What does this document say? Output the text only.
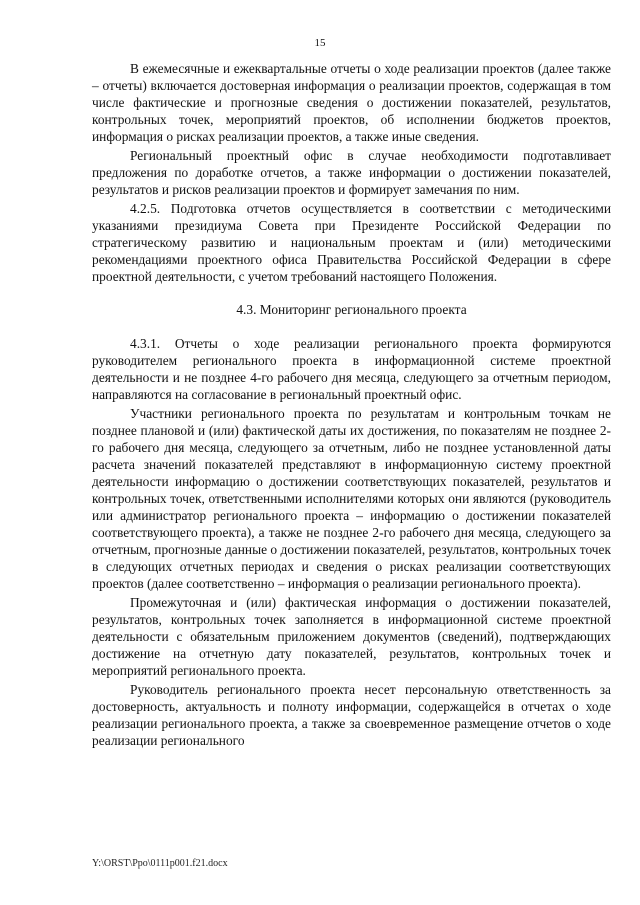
15

В ежемесячные и ежеквартальные отчеты о ходе реализации проектов (далее также – отчеты) включается достоверная информация о реализации проектов, содержащая в том числе фактические и прогнозные сведения о достижении показателей, результатов, контрольных точек, мероприятий проектов, об исполнении бюджетов проектов, информация о рисках реализации проектов, а также иные сведения.

Региональный проектный офис в случае необходимости подготавливает предложения по доработке отчетов, а также информации о достижении показателей, результатов и рисков реализации проектов и формирует замечания по ним.

4.2.5. Подготовка отчетов осуществляется в соответствии с методическими указаниями президиума Совета при Президенте Российской Федерации по стратегическому развитию и национальным проектам и (или) методическими рекомендациями проектного офиса Правительства Российской Федерации в сфере проектной деятельности, с учетом требований настоящего Положения.

4.3. Мониторинг регионального проекта

4.3.1. Отчеты о ходе реализации регионального проекта формируются руководителем регионального проекта в информационной системе проектной деятельности и не позднее 4-го рабочего дня месяца, следующего за отчетным периодом, направляются на согласование в региональный проектный офис.

Участники регионального проекта по результатам и контрольным точкам не позднее плановой и (или) фактической даты их достижения, по показателям не позднее 2-го рабочего дня месяца, следующего за отчетным, либо не позднее установленной даты расчета значений показателей представляют в информационную систему проектной деятельности информацию о достижении соответствующих показателей, результатов и контрольных точек, ответственными исполнителями которых они являются (руководитель или администратор регионального проекта – информацию о достижении показателей соответствующего проекта), а также не позднее 2-го рабочего дня месяца, следующего за отчетным, прогнозные данные о достижении показателей, результатов, контрольных точек в следующих отчетных периодах и сведения о рисках реализации соответствующих проектов (далее соответственно – информация о реализации регионального проекта).

Промежуточная и (или) фактическая информация о достижении показателей, результатов, контрольных точек заполняется в информационной системе проектной деятельности с обязательным приложением документов (сведений), подтверждающих достижение на отчетную дату показателей, результатов, контрольных точек и мероприятий регионального проекта.

Руководитель регионального проекта несет персональную ответственность за достоверность, актуальность и полноту информации, содержащейся в отчетах о ходе реализации регионального проекта, а также за своевременное размещение отчетов о ходе реализации регионального

Y:\ORST\Ppo\0111p001.f21.docx
